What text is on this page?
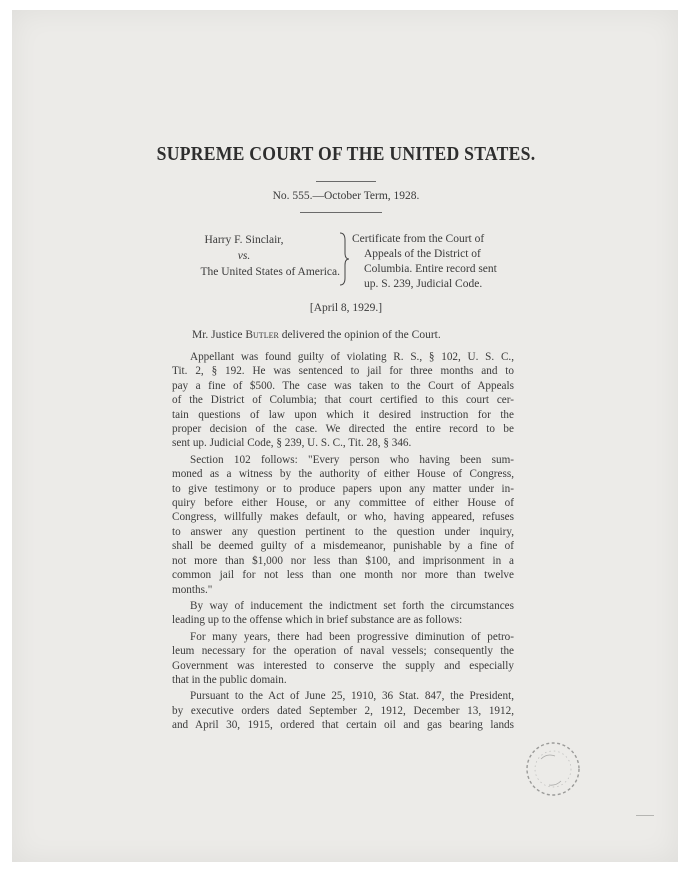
SUPREME COURT OF THE UNITED STATES.
No. 555.—October Term, 1928.
Harry F. Sinclair,
vs.
The United States of America.
Certificate from the Court of
Appeals of the District of
Columbia. Entire record sent
up. S. 239, Judicial Code.
[April 8, 1929.]
Mr. Justice Butler delivered the opinion of the Court.
Appellant was found guilty of violating R. S., § 102, U. S. C.,
Tit. 2, § 192. He was sentenced to jail for three months and to
pay a fine of $500. The case was taken to the Court of Appeals
of the District of Columbia; that court certified to this court cer-
tain questions of law upon which it desired instruction for the
proper decision of the case. We directed the entire record to be
sent up. Judicial Code, § 239, U. S. C., Tit. 28, § 346.
Section 102 follows: "Every person who having been sum-
moned as a witness by the authority of either House of Congress,
to give testimony or to produce papers upon any matter under in-
quiry before either House, or any committee of either House of
Congress, willfully makes default, or who, having appeared, refuses
to answer any question pertinent to the question under inquiry,
shall be deemed guilty of a misdemeanor, punishable by a fine of
not more than $1,000 nor less than $100, and imprisonment in a
common jail for not less than one month nor more than twelve
months."
By way of inducement the indictment set forth the circumstances
leading up to the offense which in brief substance are as follows:
For many years, there had been progressive diminution of petro-
leum necessary for the operation of naval vessels; consequently the
Government was interested to conserve the supply and especially
that in the public domain.
Pursuant to the Act of June 25, 1910, 36 Stat. 847, the President,
by executive orders dated September 2, 1912, December 13, 1912,
and April 30, 1915, ordered that certain oil and gas bearing lands
